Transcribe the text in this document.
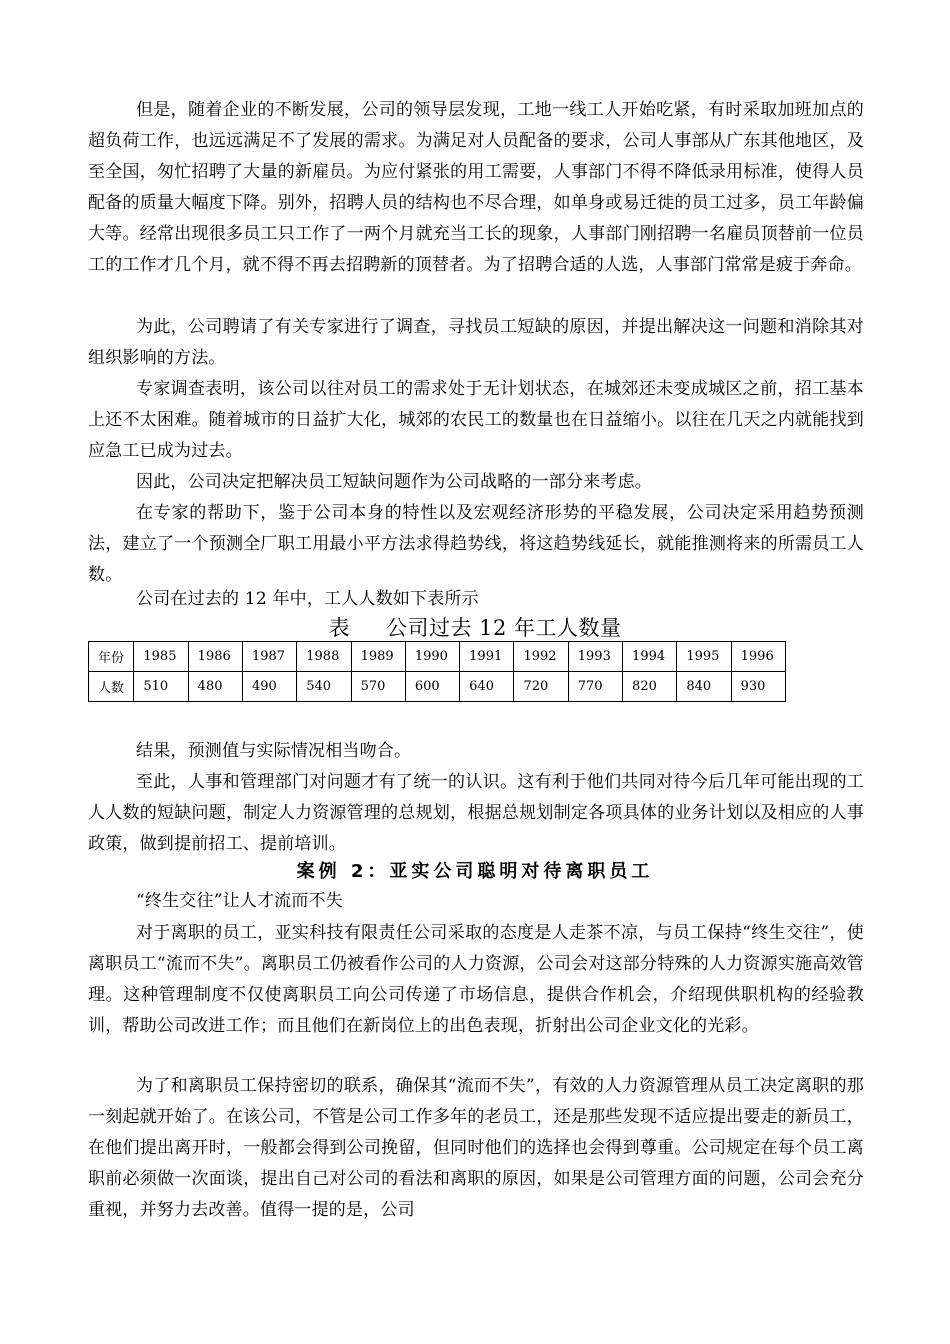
但是，随着企业的不断发展，公司的领导层发现，工地一线工人开始吃紧，有时采取加班加点的超负荷工作，也远远满足不了发展的需求。为满足对人员配备的要求，公司人事部从广东其他地区，及至全国，匆忙招聘了大量的新雇员。为应付紧张的用工需要，人事部门不得不降低录用标准，使得人员配备的质量大幅度下降。别外，招聘人员的结构也不尽合理，如单身或易迁徙的员工过多，员工年龄偏大等。经常出现很多员工只工作了一两个月就充当工长的现象，人事部门刚招聘一名雇员顶替前一位员工的工作才几个月，就不得不再去招聘新的顶替者。为了招聘合适的人选，人事部门常常是疲于奔命。

为此，公司聘请了有关专家进行了调查，寻找员工短缺的原因，并提出解决这一问题和消除其对组织影响的方法。

专家调查表明，该公司以往对员工的需求处于无计划状态，在城郊还未变成城区之前，招工基本上还不太困难。随着城市的日益扩大化，城郊的农民工的数量也在日益缩小。以往在几天之内就能找到应急工已成为过去。

因此，公司决定把解决员工短缺问题作为公司战略的一部分来考虑。

在专家的帮助下，鉴于公司本身的特性以及宏观经济形势的平稳发展，公司决定采用趋势预测法，建立了一个预测全厂职工用最小平方法求得趋势线，将这趋势线延长，就能推测将来的所需员工人数。

公司在过去的 12 年中，工人人数如下表所示

表 公司过去 12 年工人数量
年份	1985	1986	1987	1988	1989	1990	1991	1992	1993	1994	1995	1996
人数	510	480	490	540	570	600	640	720	770	820	840	930

结果，预测值与实际情况相当吻合。

至此，人事和管理部门对问题才有了统一的认识。这有利于他们共同对待今后几年可能出现的工人人数的短缺问题，制定人力资源管理的总规划，根据总规划制定各项具体的业务计划以及相应的人事政策，做到提前招工、提前培训。

案例 2：亚实公司聪明对待离职员工

“终生交往”让人才流而不失

对于离职的员工，亚实科技有限责任公司采取的态度是人走茶不凉，与员工保持“终生交往”，使离职员工“流而不失”。离职员工仍被看作公司的人力资源，公司会对这部分特殊的人力资源实施高效管理。这种管理制度不仅使离职员工向公司传递了市场信息，提供合作机会，介绍现供职机构的经验教训，帮助公司改进工作；而且他们在新岗位上的出色表现，折射出公司企业文化的光彩。

为了和离职员工保持密切的联系，确保其“流而不失”，有效的人力资源管理从员工决定离职的那一刻起就开始了。在该公司，不管是公司工作多年的老员工，还是那些发现不适应提出要走的新员工，在他们提出离开时，一般都会得到公司挽留，但同时他们的选择也会得到尊重。公司规定在每个员工离职前必须做一次面谈，提出自己对公司的看法和离职的原因，如果是公司管理方面的问题，公司会充分重视，并努力去改善。值得一提的是，公司
